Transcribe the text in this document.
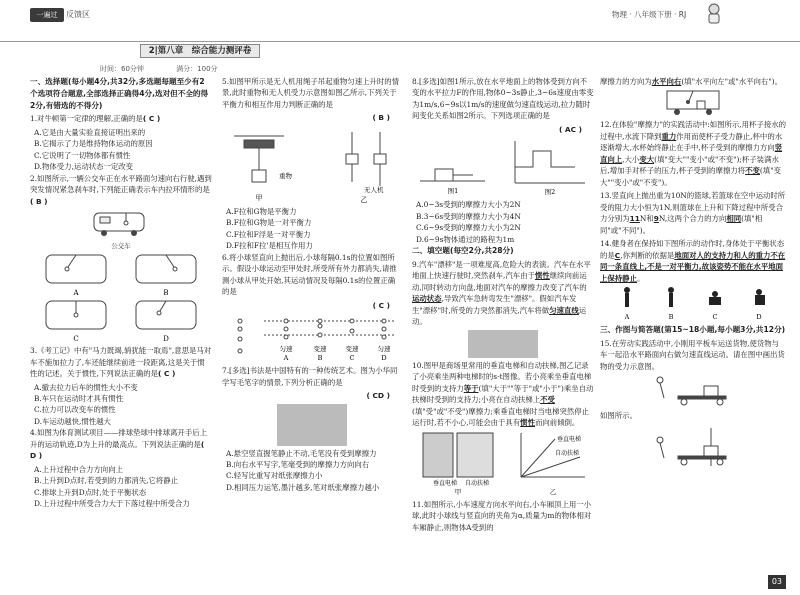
一遍过	反馈区	物理 · 八年级下册 · RJ
2|第八章　综合能力测评卷
时间：60分钟	满分：100分
一、选择题(每小题4分,共32分,多选题每题至少有2个选项符合题意,全部选择正确得4分,选对但不全的得2分,有错选的不得分)
1.对牛顿第一定律的理解,正确的是( C )
A.它是由大量实验直接证明出来的
B.它揭示了力是维持物体运动的原因
C.它说明了一切物体都有惯性
D.物体受力,运动状态一定改变
2.如图所示,一辆公交车正在水平路面匀速向右行驶,遇到突发情况紧急刹车时,下列能正确表示车内拉环情形的是( B )
公交车
A	B
C	D
3.《考工记》中有"马力既竭,辀犹能一取焉",意思是马对车不施加拉力了,车还能继续前进一段距离,这是关于惯性的记述。关于惯性,下列说法正确的是( C )
A.撤去拉力后车的惯性大小不变
B.车只在运动时才具有惯性
C.拉力可以改变车的惯性
D.车运动越快,惯性越大
4.如图为体育测试项目——排球垫球中排球离开手后上升的运动轨迹,D为上升的最高点。下列说法正确的是( D )
A.上升过程中合力方向向上
B.上升到D点时,若受到的力都消失,它将静止
C.排球上升到D点时,处于平衡状态
D.上升过程中所受合力大于下落过程中所受合力
5.如图甲所示是无人机用绳子吊起重物匀速上升时的情景,此时重物和无人机受力示意图如图乙所示,下列关于平衡力和相互作用力判断正确的是
( B )
重物
无人机
甲	乙
A.F拉和G物是平衡力
B.F拉和G物是一对平衡力
C.F拉和F浮是一对平衡力
D.F拉和F拉'是相互作用力
6.将小球竖直向上抛出后,小球每隔0.1s的位置如图所示。假设小球运动至甲处时,所受所有外力都消失,请推测小球从甲处开始,其运动情况及每隔0.1s的位置正确的是
( C )
匀速	变速	变速	匀速
A	B	C	D
7.[多选]书法是中国特有的一种传统艺术。图为小华同学写毛笔字的情景,下列分析正确的是
( CD )
A.悬空竖直握笔静止不动,毛笔没有受到摩擦力
B.向右水平写字,笔毫受到的摩擦力方向向右
C.轻写比重写对纸张摩擦力小
D.相同压力运笔,墨汁越多,笔对纸张摩擦力越小
8.[多选]如图1所示,放在水平地面上的物体受到方向不变的水平拉力F的作用,物体0~3s静止,3~6s速度由零变为1m/s,6~9s以1m/s的速度做匀速直线运动,拉力随时间变化关系如图2所示。下列选项正确的是
( AC )
图1	图2
A.0~3s受到的摩擦力大小为2N
B.3~6s受到的摩擦力大小为4N
C.6~9s受到的摩擦力大小为2N
D.6~9s物体通过的路程为1m
二、填空题(每空2分,共28分)
9.汽车"漂移"是一项难度高,危险大的表演。汽车在水平地面上快速行驶时,突然刹车,汽车由于惯性继续向前运动,同时转动方向盘,地面对汽车的摩擦力改变了汽车的运动状态,导致汽车急转弯发生"漂移"。假如汽车发生"漂移"时,所受的力突然都消失,汽车将做匀速直线运动。
10.图甲是商场里常用的垂直电梯和自动扶梯,图乙记录了小亮乘坐两种电梯时的s-t图像。若小亮乘坐垂直电梯时受到的支持力等于(填"大于""等于"或"小于")乘坐自动扶梯时受到的支持力;小亮在自动扶梯上不受(填"受"或"不受")摩擦力;乘垂直电梯时当电梯突然停止运行时,若不小心,可能会由于具有惯性而向前倾倒。
垂直电梯 自动扶梯
甲	乙
垂直电梯
自动扶梯
11.如图所示,小车速度方向水平向右,小车厢顶上用一小球,此时小球线与竖直向的夹角为α,质量为m的物体相对车厢静止,则物体A受到的
摩擦力的方向为水平向右(填"水平向左"或"水平向右")。
12.在体验"摩擦力"的实践活动中:如图所示,用杯子接水的过程中,水流下降到重力作用而使杯子受力静止,杯中的水逐渐增大,水杯始终静止在手中,杯子受到的摩擦力方向竖直向上,大小变大(填"变大""变小"或"不变");杯子装满水后,增加手对杯子的压力,杯子受到的摩擦力将不变(填"变大""变小"或"不变")。
13.竖直向上抛出重为10N的篮球,若篮球在空中运动时所受的阻力大小恒为1N,则篮球在上升和下降过程中所受合力分别为11N和9N,这两个合力的方向相同(填"相同"或"不同")。
14.健身者在保持如下图所示的动作时,身体处于平衡状态的是C,你判断的依据是地面对人的支持力和人的重力不在同一条直线上,不是一对平衡力,故该姿势不能在水平地面上保持静止。
A	B	C	D
三、作图与简答题(第15~18小题,每小题3分,共12分)
15.在劳动实践活动中,小刚用平板车运送货物,使货物与车一起沿水平路面向右做匀速直线运动。请在图中画出货物的受力示意图。
如图所示。
03
